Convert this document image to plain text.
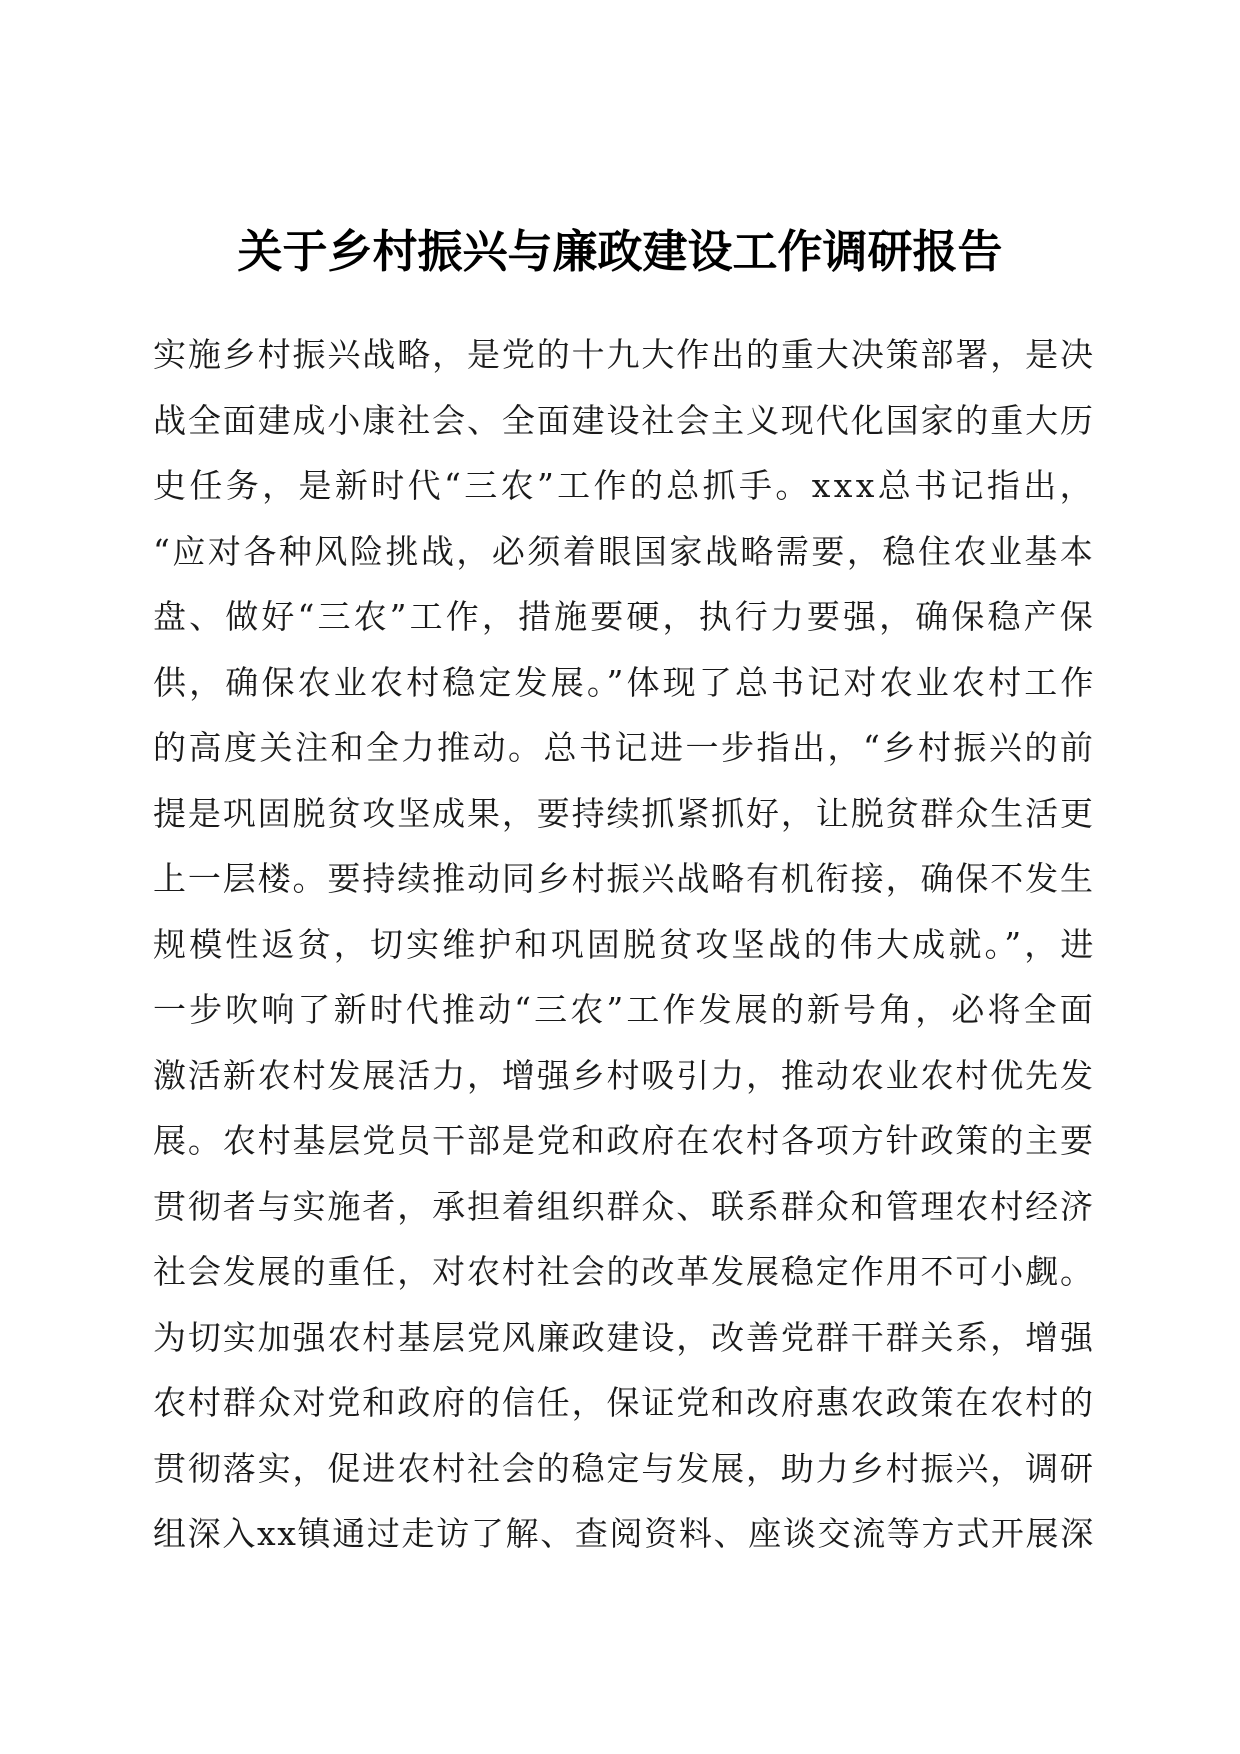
关于乡村振兴与廉政建设工作调研报告
实施乡村振兴战略，是党的十九大作出的重大决策部署，是决
战全面建成小康社会、全面建设社会主义现代化国家的重大历
史任务，是新时代“三农”工作的总抓手。xxx总书记指出，
“应对各种风险挑战，必须着眼国家战略需要，稳住农业基本
盘、做好“三农”工作，措施要硬，执行力要强，确保稳产保
供，确保农业农村稳定发展。”体现了总书记对农业农村工作
的高度关注和全力推动。总书记进一步指出，“乡村振兴的前
提是巩固脱贫攻坚成果，要持续抓紧抓好，让脱贫群众生活更
上一层楼。要持续推动同乡村振兴战略有机衔接，确保不发生
规模性返贫，切实维护和巩固脱贫攻坚战的伟大成就。”，进
一步吹响了新时代推动“三农”工作发展的新号角，必将全面
激活新农村发展活力，增强乡村吸引力，推动农业农村优先发
展。农村基层党员干部是党和政府在农村各项方针政策的主要
贯彻者与实施者，承担着组织群众、联系群众和管理农村经济
社会发展的重任，对农村社会的改革发展稳定作用不可小觑。
为切实加强农村基层党风廉政建设，改善党群干群关系，增强
农村群众对党和政府的信任，保证党和改府惠农政策在农村的
贯彻落实，促进农村社会的稳定与发展，助力乡村振兴，调研
组深入xx镇通过走访了解、查阅资料、座谈交流等方式开展深
